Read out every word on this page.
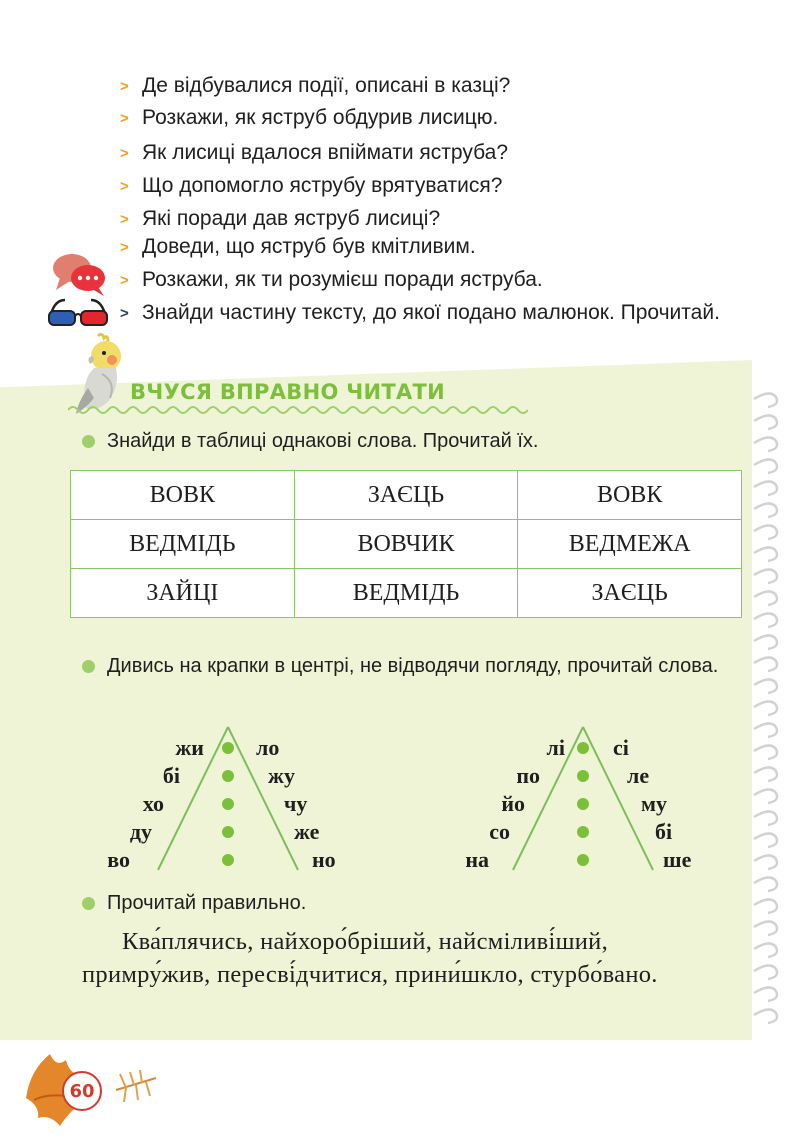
> Де відбувалися події, описані в казці?
> Розкажи, як яструб обдурив лисицю.
> Як лисиці вдалося впіймати яструба?
> Що допомогло яструбу врятуватися?
> Які поради дав яструб лисиці?
> Доведи, що яструб був кмітливим.
> Розкажи, як ти розумієш поради яструба.
> Знайди частину тексту, до якої подано малюнок. Прочитай.
ВЧУСЯ ВПРАВНО ЧИТАТИ
Знайди в таблиці однакові слова. Прочитай їх.
ВОВК	ЗАЄЦЬ	ВОВК
ВЕДМІДЬ	ВОВЧИК	ВЕДМЕЖА
ЗАЙЦІ	ВЕДМІДЬ	ЗАЄЦЬ
Дивись на крапки в центрі, не відводячи погляду, прочитай слова.
жи
бі
хо
ду
во
ло
жу
чу
же
но
лі
по
йо
со
на
сі
ле
му
бі
ше
Прочитай правильно.
Ква́плячись, найхоро́бріший, найсміливі́ший, примру́жив, пересві́дчитися, прини́шкло, стурбо́вано.
60
